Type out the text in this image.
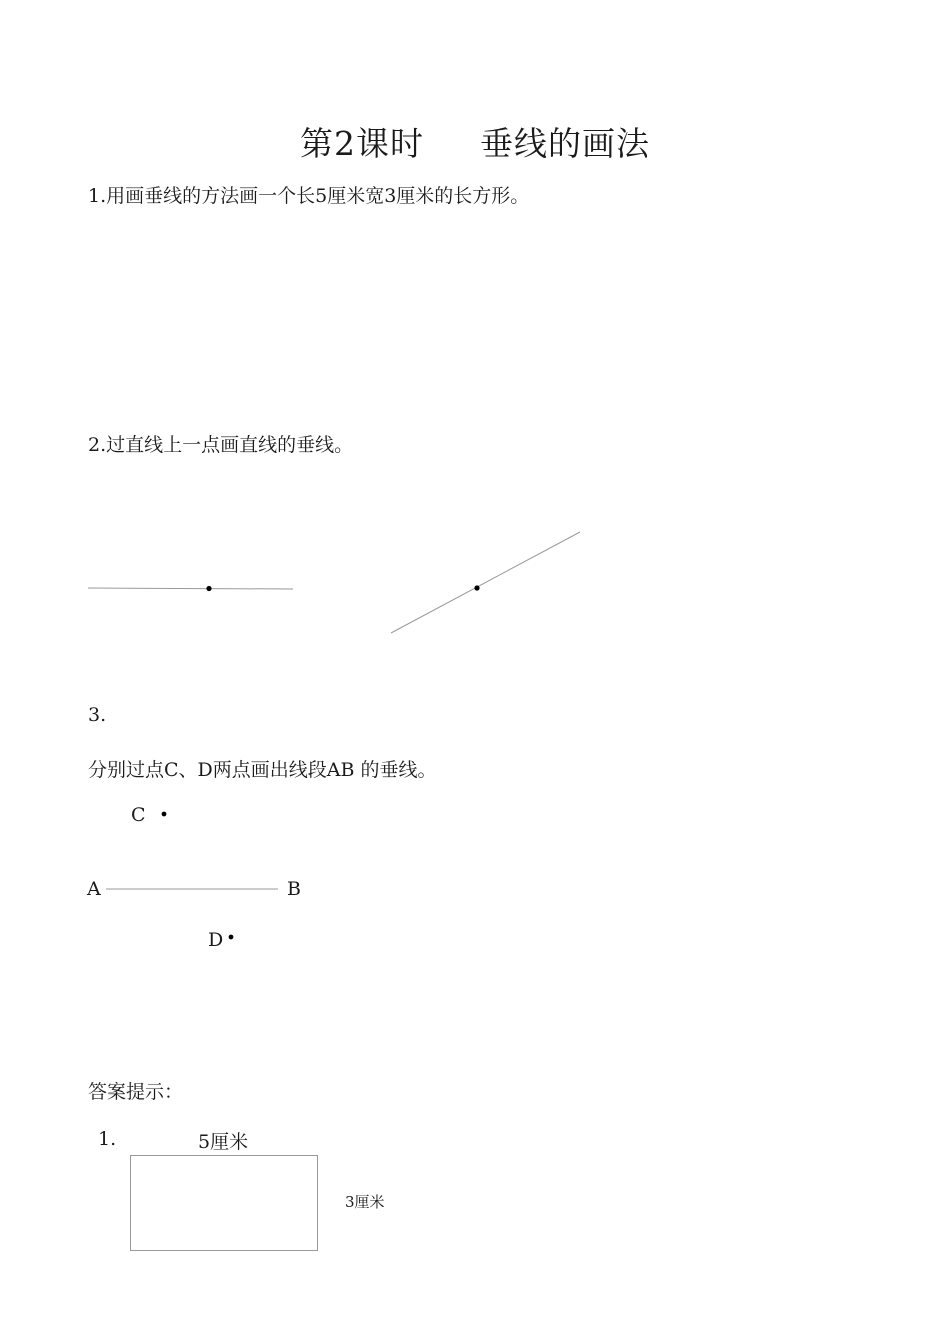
第2课时 垂线的画法
1.用画垂线的方法画一个长5厘米宽3厘米的长方形。
2.过直线上一点画直线的垂线。
3.
分别过点C、D两点画出线段AB 的垂线。
C
A	B
D
答案提示：
1.	5厘米
3厘米
